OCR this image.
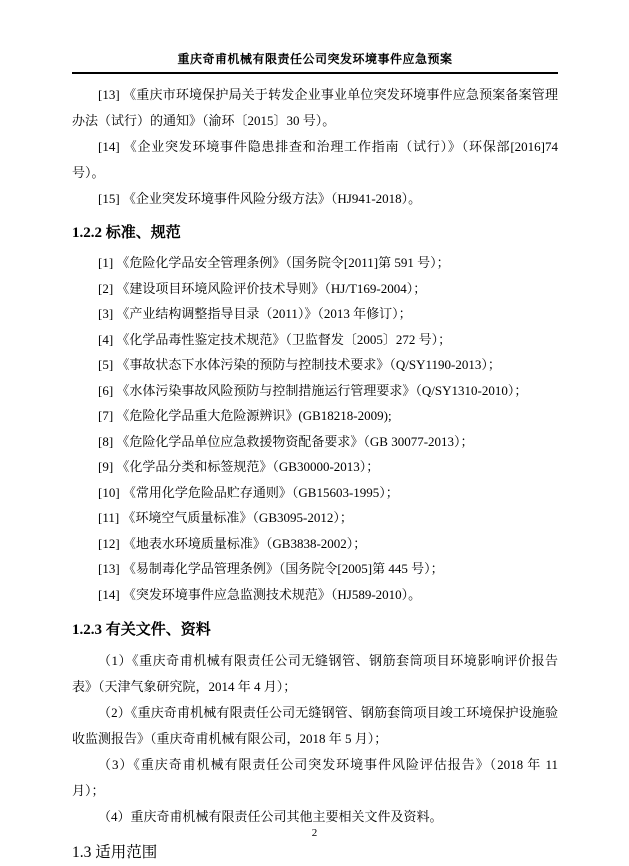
重庆奇甫机械有限责任公司突发环境事件应急预案

[13] 《重庆市环境保护局关于转发企业事业单位突发环境事件应急预案备案管理办法（试行）的通知》（渝环〔2015〕30 号）。

[14] 《企业突发环境事件隐患排查和治理工作指南（试行）》（环保部[2016]74 号）。

[15] 《企业突发环境事件风险分级方法》（HJ941-2018）。

1.2.2 标准、规范

[1] 《危险化学品安全管理条例》（国务院令[2011]第 591 号）；

[2] 《建设项目环境风险评价技术导则》（HJ/T169-2004）；

[3] 《产业结构调整指导目录（2011）》（2013 年修订）；

[4] 《化学品毒性鉴定技术规范》（卫监督发〔2005〕272 号）；

[5] 《事故状态下水体污染的预防与控制技术要求》（Q/SY1190-2013）；

[6] 《水体污染事故风险预防与控制措施运行管理要求》（Q/SY1310-2010）；

[7] 《危险化学品重大危险源辨识》(GB18218-2009);

[8] 《危险化学品单位应急救援物资配备要求》（GB 30077-2013）；

[9] 《化学品分类和标签规范》（GB30000-2013）；

[10] 《常用化学危险品贮存通则》（GB15603-1995）；

[11] 《环境空气质量标准》（GB3095-2012）；

[12] 《地表水环境质量标准》（GB3838-2002）；

[13] 《易制毒化学品管理条例》（国务院令[2005]第 445 号）；

[14] 《突发环境事件应急监测技术规范》（HJ589-2010）。

1.2.3 有关文件、资料

（1）《重庆奇甫机械有限责任公司无缝钢管、钢筋套筒项目环境影响评价报告表》（天津气象研究院，2014 年 4 月）；

（2）《重庆奇甫机械有限责任公司无缝钢管、钢筋套筒项目竣工环境保护设施验收监测报告》（重庆奇甫机械有限公司，2018 年 5 月）；

（3）《重庆奇甫机械有限责任公司突发环境事件风险评估报告》（2018 年 11 月）；

（4）重庆奇甫机械有限责任公司其他主要相关文件及资料。

1.3 适用范围
2
